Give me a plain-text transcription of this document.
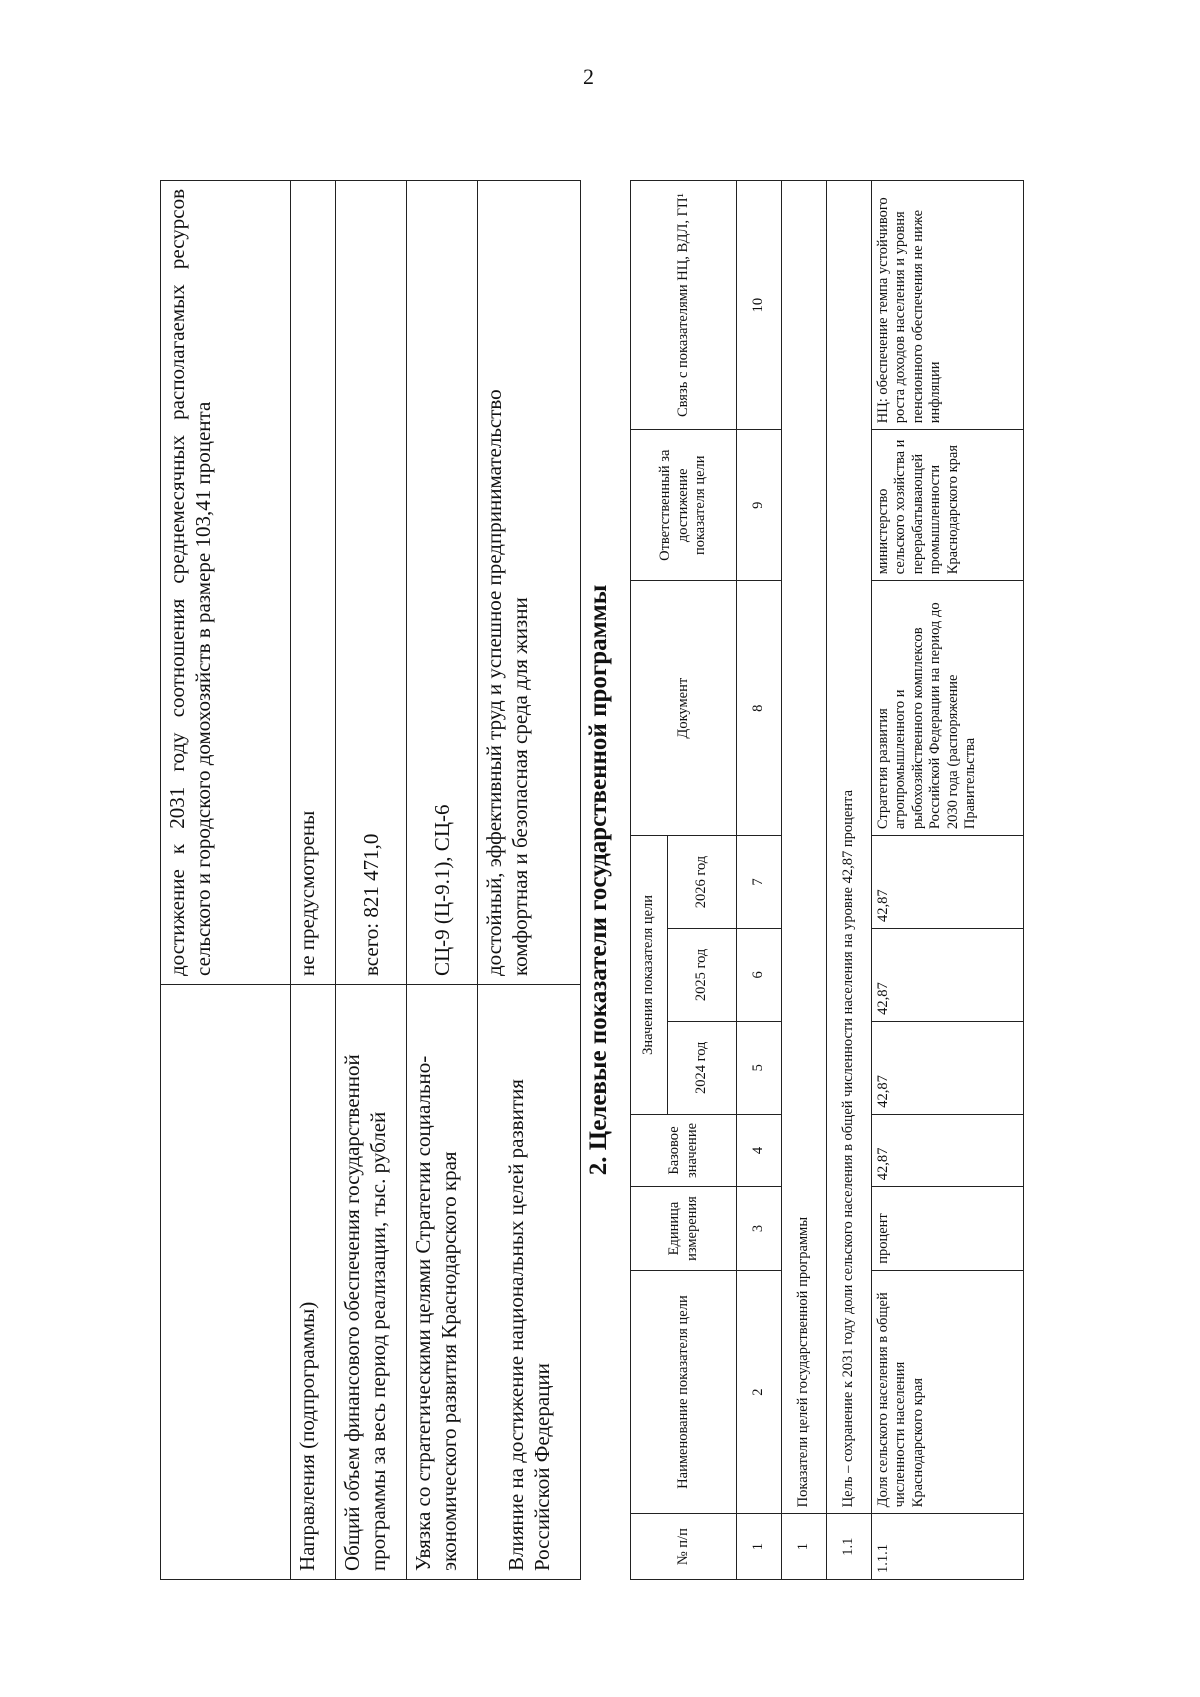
2
	достижение к 2031 году соотношения среднемесячных располагаемых ресурсов сельского и городского домохозяйств в размере 103,41 процента
Направления (подпрограммы)	не предусмотрены
Общий объем финансового обеспечения государственной программы за весь период реализации, тыс. рублей	всего: 821 471,0
Увязка со стратегическими целями Стратегии социально-экономического развития Краснодарского края	СЦ-9 (Ц-9.1), СЦ-6
Влияние на достижение национальных целей развития Российской Федерации	достойный, эффективный труд и успешное предпринимательство комфортная и безопасная среда для жизни 2. Целевые показатели государственной программы
№ п/п	Наименование показателя цели	Единица измерения	Базовое значение	Значения показателя цели			Документ	Ответственный за достижение показателя цели	Связь с показателями НЦ, ВДЛ, ГП¹
				2024 год	2025 год	2026 год			
1	2	3	4	5	6	7	8	9	10
1	Показатели целей государственной программы								
1.1	Цель – сохранение к 2031 году доли сельского населения в общей численности населения на уровне 42,87 процента								
1.1.1	Доля сельского населения в общей численности населения Краснодарского края	процент	42,87	42,87	42,87	42,87	Стратегия развития агропромышленного и рыбохозяйственного комплексов Российской Федерации на период до 2030 года (распоряжение Правительства	министерство сельского хозяйства и перерабатывающей промышленности Краснодарского края	НЦ: обеспечение темпа устойчивого роста доходов населения и уровня пенсионного обеспечения не ниже инфляции
